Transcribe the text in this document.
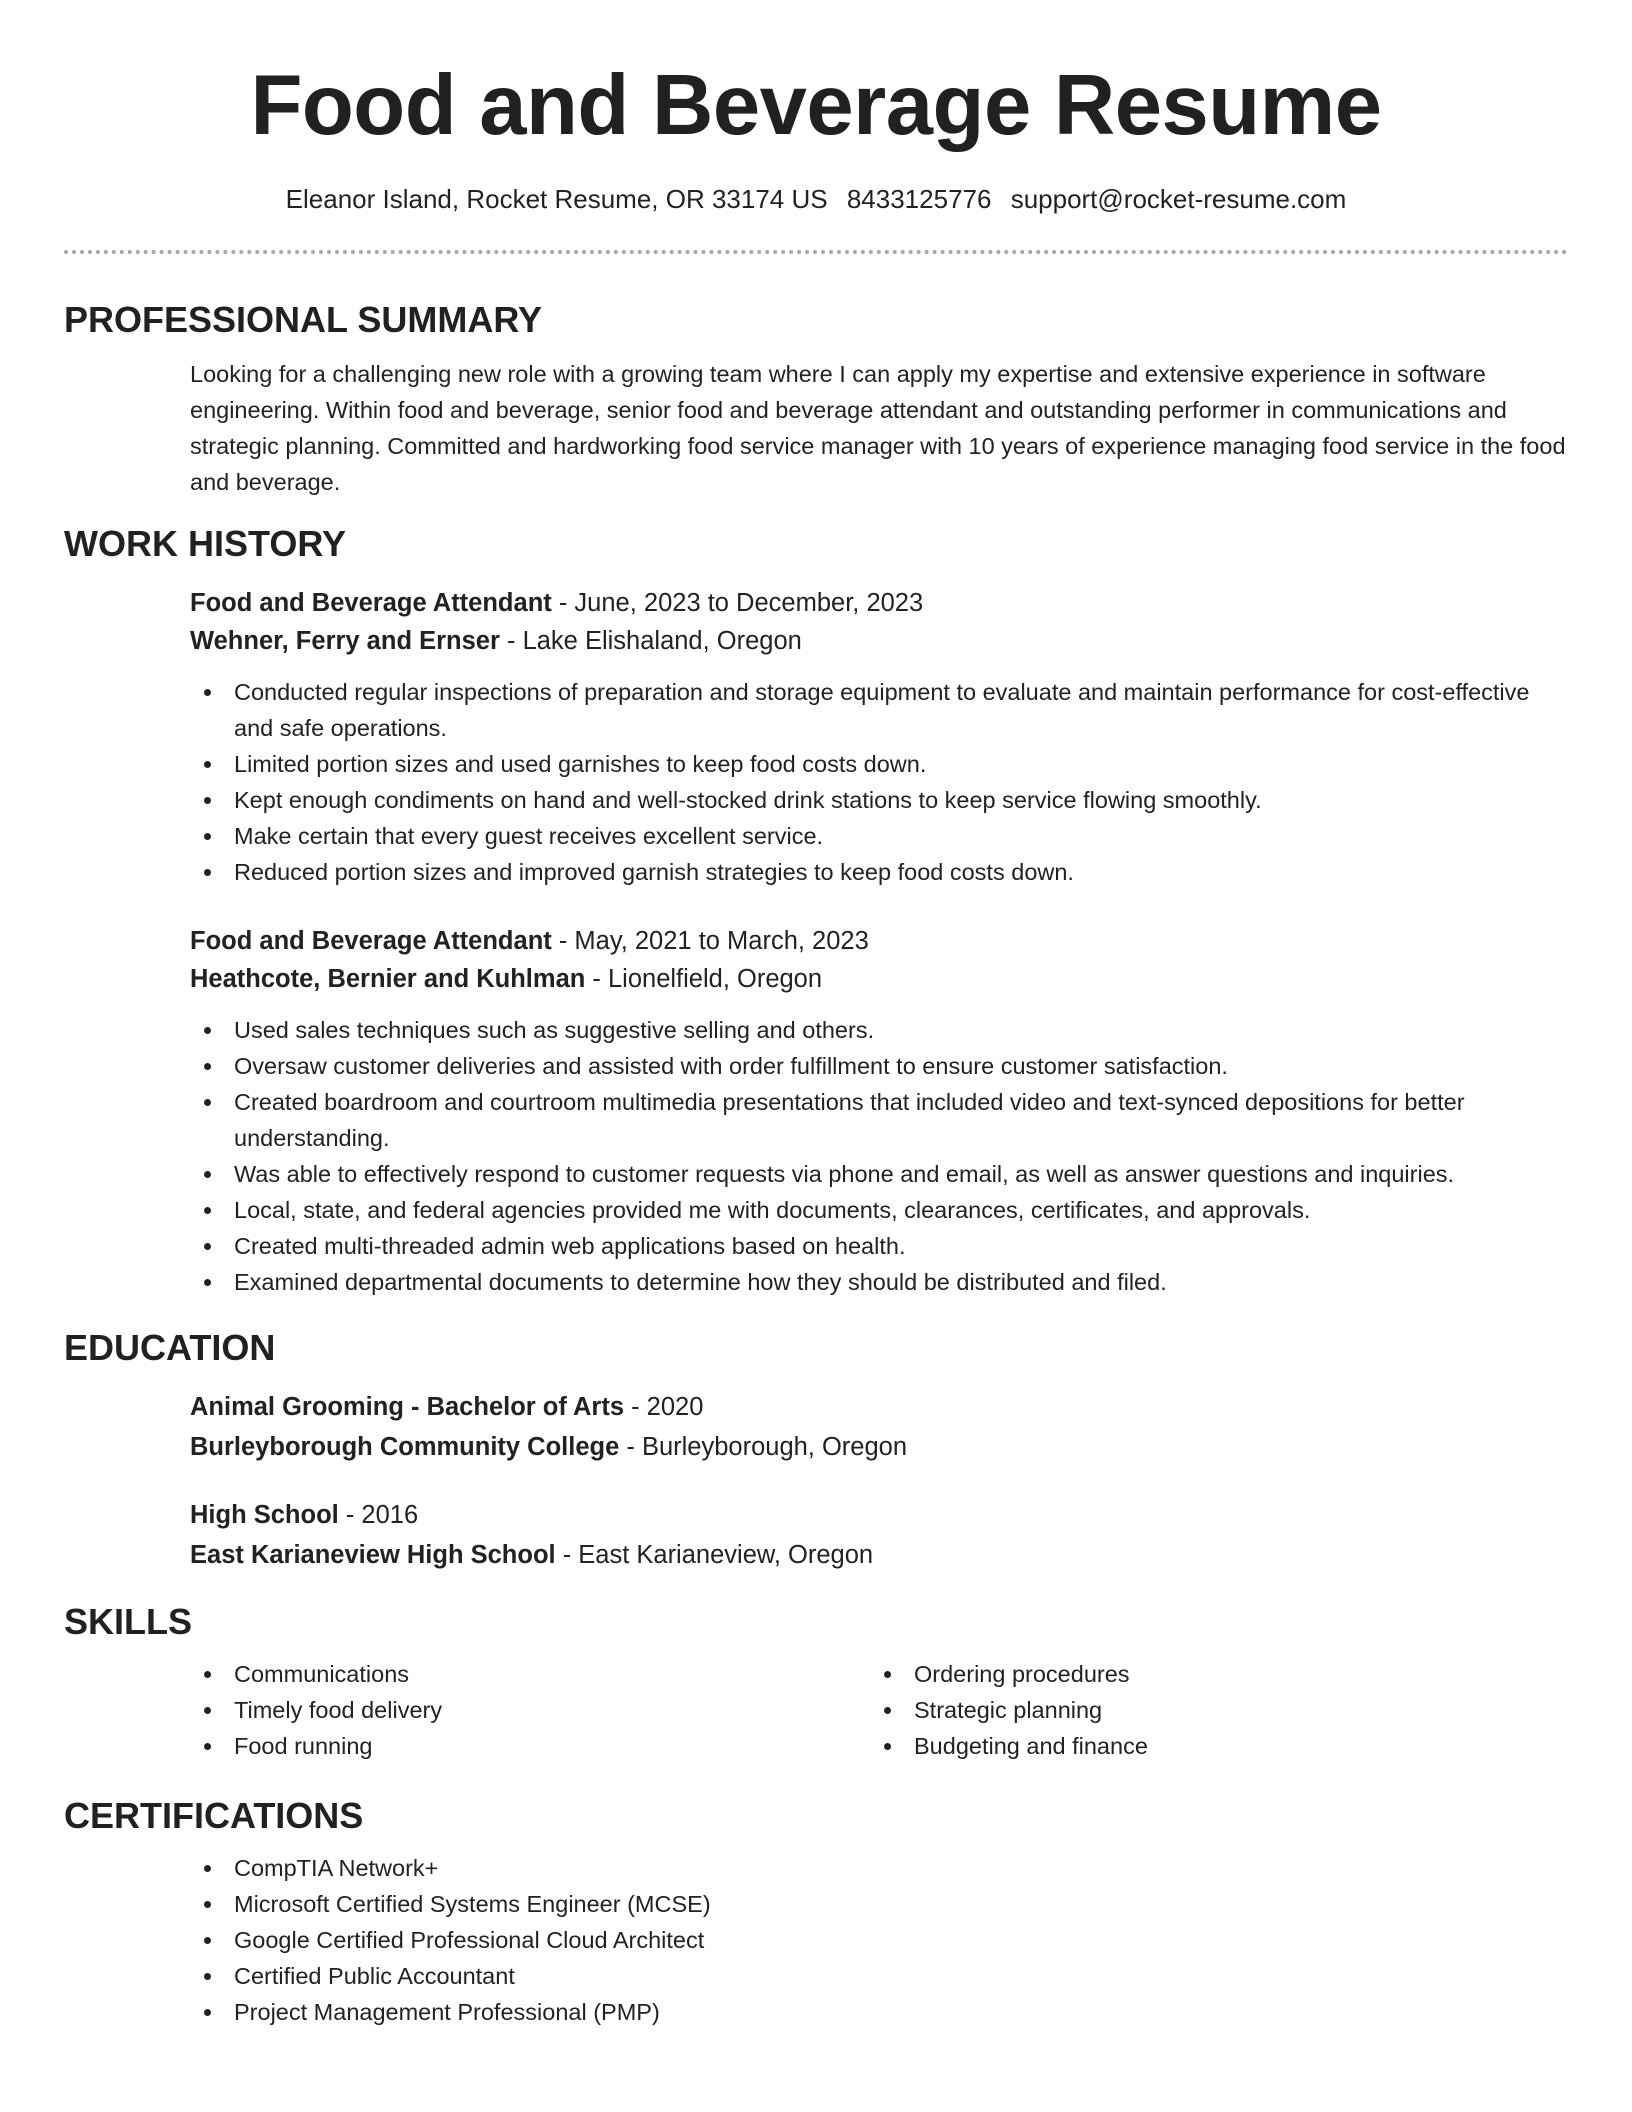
Food and Beverage Resume
Eleanor Island, Rocket Resume, OR 33174 US 8433125776 support@rocket-resume.com
PROFESSIONAL SUMMARY

Looking for a challenging new role with a growing team where I can apply my expertise and extensive experience in software engineering. Within food and beverage, senior food and beverage attendant and outstanding performer in communications and strategic planning. Committed and hardworking food service manager with 10 years of experience managing food service in the food and beverage.

WORK HISTORY
Food and Beverage Attendant - June, 2023 to December, 2023
Wehner, Ferry and Ernser - Lake Elishaland, Oregon
Conducted regular inspections of preparation and storage equipment to evaluate and maintain performance for cost-effective and safe operations.
Limited portion sizes and used garnishes to keep food costs down.
Kept enough condiments on hand and well-stocked drink stations to keep service flowing smoothly.
Make certain that every guest receives excellent service.
Reduced portion sizes and improved garnish strategies to keep food costs down.
Food and Beverage Attendant - May, 2021 to March, 2023
Heathcote, Bernier and Kuhlman - Lionelfield, Oregon
Used sales techniques such as suggestive selling and others.
Oversaw customer deliveries and assisted with order fulfillment to ensure customer satisfaction.
Created boardroom and courtroom multimedia presentations that included video and text-synced depositions for better understanding.
Was able to effectively respond to customer requests via phone and email, as well as answer questions and inquiries.
Local, state, and federal agencies provided me with documents, clearances, certificates, and approvals.
Created multi-threaded admin web applications based on health.
Examined departmental documents to determine how they should be distributed and filed.
EDUCATION
Animal Grooming - Bachelor of Arts - 2020
Burleyborough Community College - Burleyborough, Oregon
High School - 2016
East Karianeview High School - East Karianeview, Oregon
SKILLS
Communications
Timely food delivery
Food running
Ordering procedures
Strategic planning
Budgeting and finance
CERTIFICATIONS
CompTIA Network+
Microsoft Certified Systems Engineer (MCSE)
Google Certified Professional Cloud Architect
Certified Public Accountant
Project Management Professional (PMP)
